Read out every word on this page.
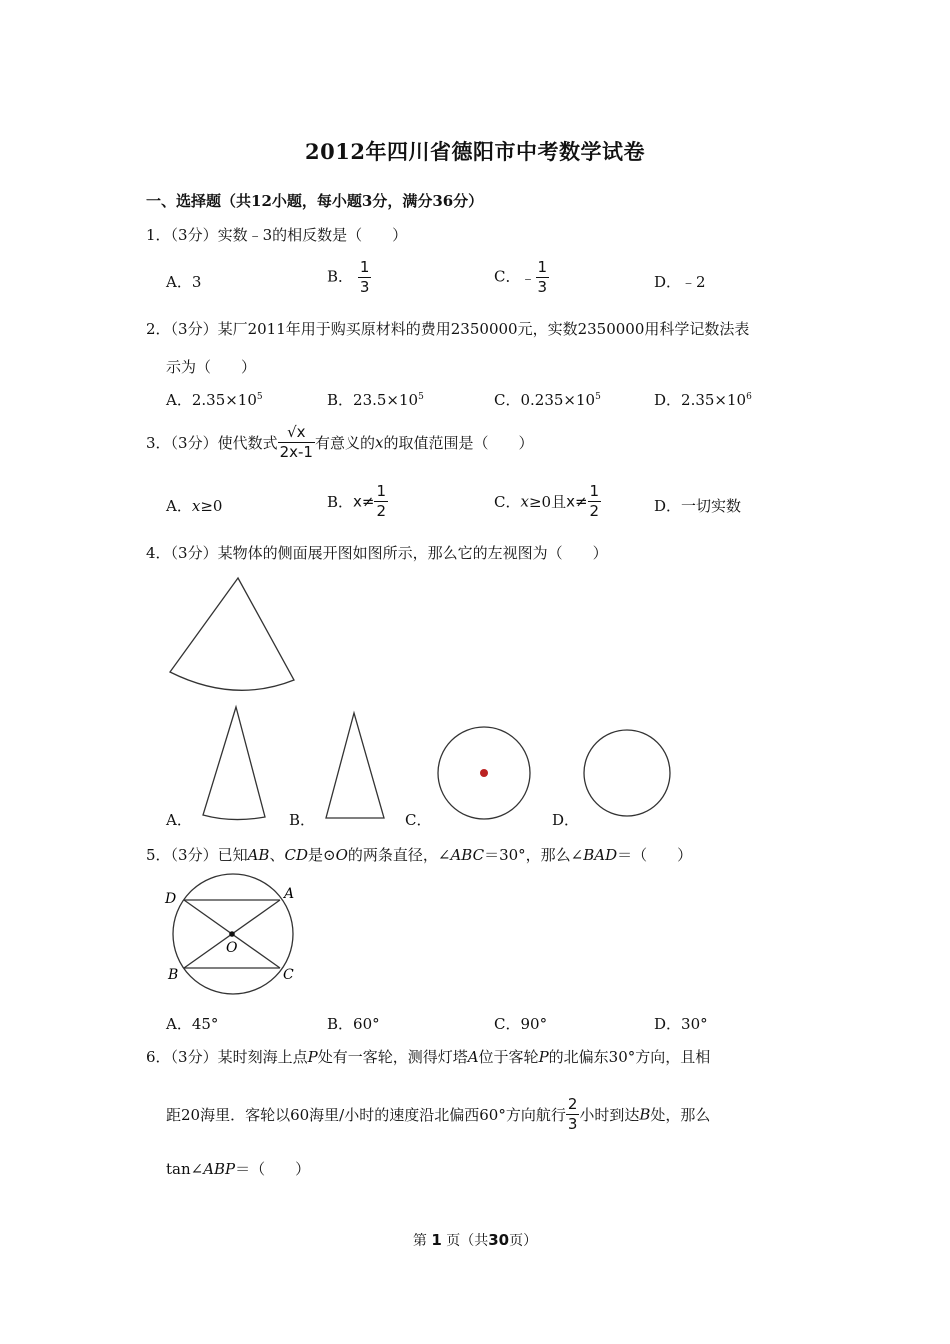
2012年四川省德阳市中考数学试卷
一、选择题（共12小题，每小题3分，满分36分）
1．（3分）实数﹣3的相反数是（　　）
A．3	B． $\frac{1}{3}$	C．﹣ $\frac{1}{3}$	D．﹣2
2．（3分）某厂2011年用于购买原材料的费用2350000元，实数2350000用科学记数法表
示为（　　）
A．$2.35\times 10^5$	B．$23.5\times 10^5$	C．$0.235\times 10^5$	D．$2.35\times 10^6$
3．（3分）使代数式 $\frac{√x}{2x-1}$ 有意义的x的取值范围是（　　）
A．x≥0	B．$x\ne \frac{1}{2}$	C．x≥0且$x\ne \frac{1}{2}$	D．一切实数
4．（3分）某物体的侧面展开图如图所示，那么它的左视图为（　　）
A．	B．	C．	D．
5．（3分）已知AB、CD是⊙O的两条直径，∠ABC＝30°，那么∠BAD＝（　　）
D	A
O
B	C
A．45°	B．60°	C．90°	D．30°
6．（3分）某时刻海上点P处有一客轮，测得灯塔A位于客轮P的北偏东30°方向，且相
距20海里．客轮以60海里/小时的速度沿北偏西60°方向航行 $\frac{2}{3}$ 小时到达B处，那么
tan∠ABP＝（　　）
第 1 页（共30页）
